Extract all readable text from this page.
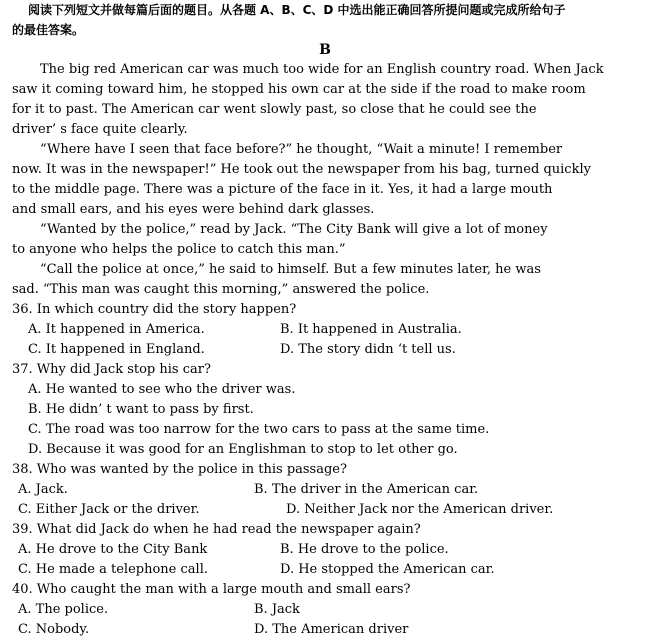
阅读下列短文并做每篇后面的题目。从各题 A、B、C、D 中选出能正确回答所提问题或完成所给句子
的最佳答案。
B
The big red American car was much too wide for an English country road. When Jack
saw it coming toward him, he stopped his own car at the side if the road to make room
for it to past. The American car went slowly past, so close that he could see the
driver’ s face quite clearly.
“Where have I seen that face before?” he thought, “Wait a minute! I remember
now. It was in the newspaper!” He took out the newspaper from his bag, turned quickly
to the middle page. There was a picture of the face in it. Yes, it had a large mouth
and small ears, and his eyes were behind dark glasses.
“Wanted by the police,” read by Jack. “The City Bank will give a lot of money
to anyone who helps the police to catch this man.”
“Call the police at once,” he said to himself. But a few minutes later, he was
sad. “This man was caught this morning,” answered the police.
36. In which country did the story happen?
A. It happened in America.	B. It happened in Australia.
C. It happened in England.	D. The story didn ‘t tell us.
37. Why did Jack stop his car?
A. He wanted to see who the driver was.
B. He didn’ t want to pass by first.
C. The road was too narrow for the two cars to pass at the same time.
D. Because it was good for an Englishman to stop to let other go.
38. Who was wanted by the police in this passage?
A. Jack.	B. The driver in the American car.
C. Either Jack or the driver.	D. Neither Jack nor the American driver.
39. What did Jack do when he had read the newspaper again?
A. He drove to the City Bank	B. He drove to the police.
C. He made a telephone call.	D. He stopped the American car.
40. Who caught the man with a large mouth and small ears?
A. The police.	B. Jack
C. Nobody.	D. The American driver
